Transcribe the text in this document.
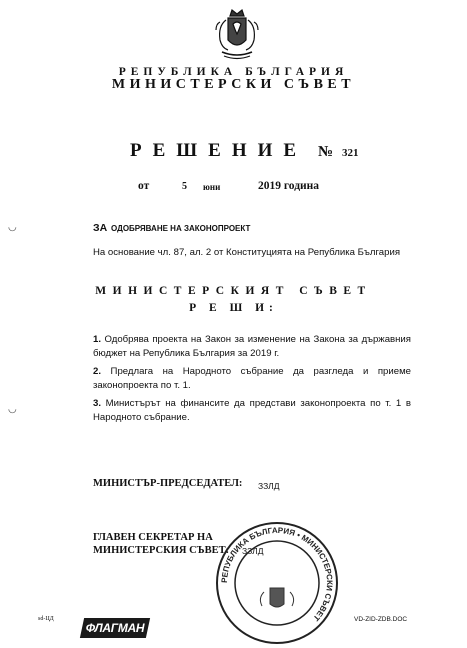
РЕПУБЛИКА БЪЛГАРИЯ
МИНИСТЕРСКИ СЪВЕТ
РЕШЕНИЕ № 321
от	5 юни	2019 година
ЗА ОДОБРЯВАНЕ НА ЗАКОНОПРОЕКТ
На основание чл. 87, ал. 2 от Конституцията на Република България
МИНИСТЕРСКИЯТ СЪВЕТ
Р Е Ш И:
1. Одобрява проекта на Закон за изменение на Закона за държавния бюджет на Република България за 2019 г.
2. Предлага на Народното събрание да разгледа и приеме законопроекта по т. 1.
3. Министърът на финансите да представи законопроекта по т. 1 в Народното събрание.
МИНИСТЪР-ПРЕДСЕДАТЕЛ: ЗЗЛД
ГЛАВЕН СЕКРЕТАР НА
МИНИСТЕРСКИЯ СЪВЕТ:
РЕПУБЛИКА БЪЛГАРИЯ • МИНИСТЕРСКИ СЪВЕТ
ЗЗЛД
◡
◡
sd-ЦД
ФЛАГМАН
VD-ZID-ZDB.DOC
